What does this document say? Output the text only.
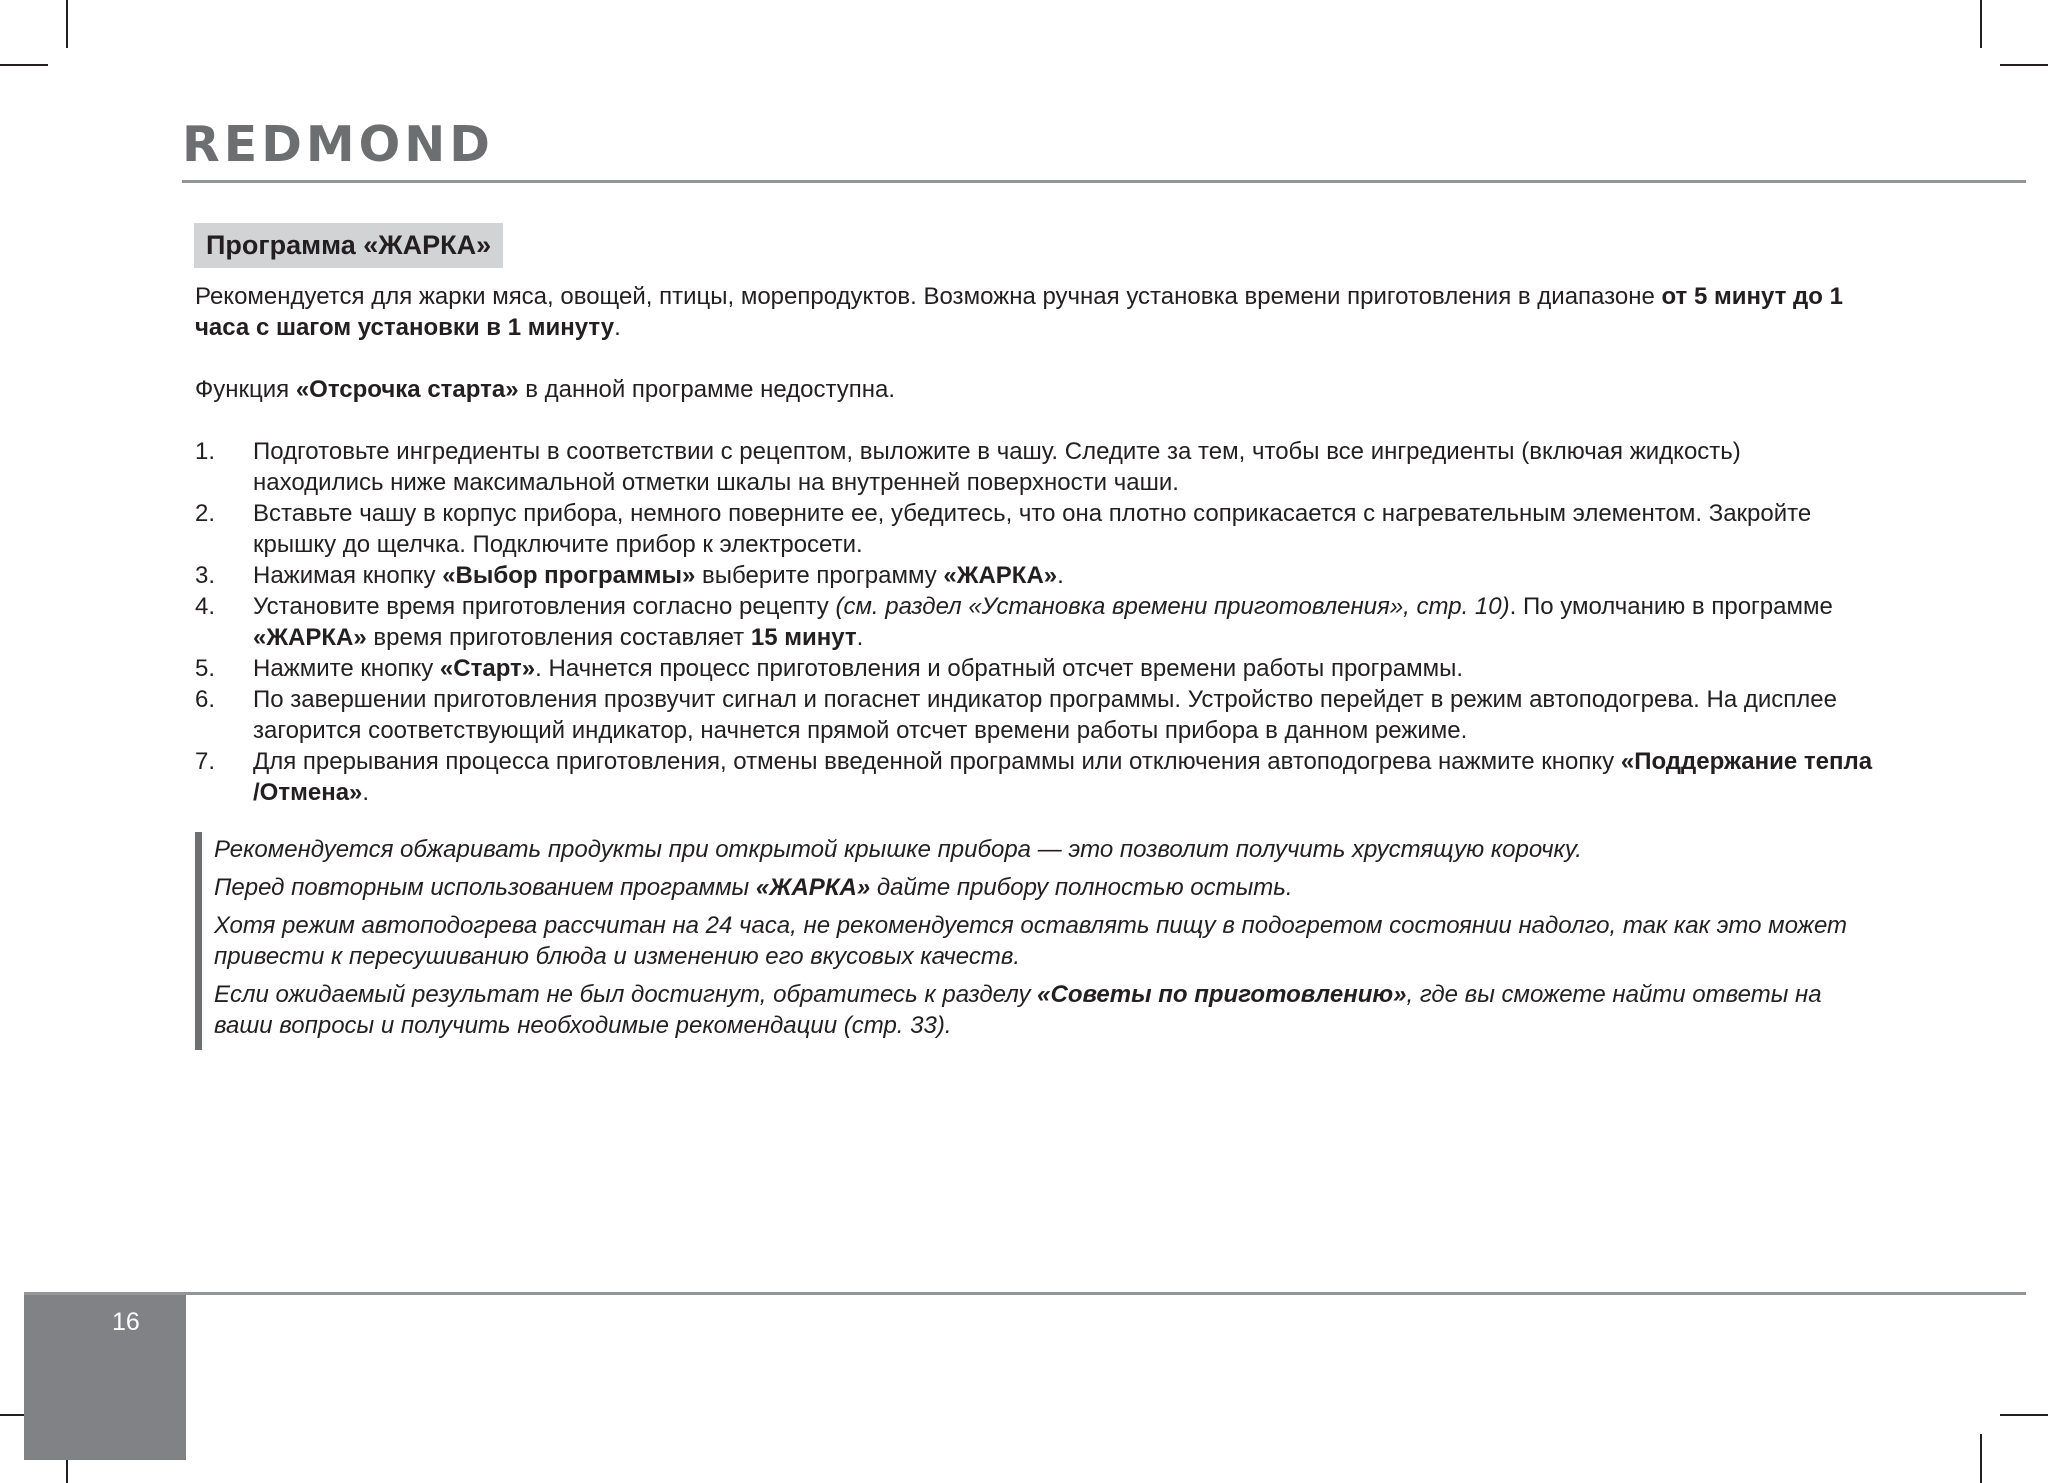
REDMOND
Программа «ЖАРКА»
Рекомендуется для жарки мяса, овощей, птицы, морепродуктов. Возможна ручная установка времени приготовления в диапазоне от 5 минут до 1 часа с шагом установки в 1 минуту.
Функция «Отсрочка старта» в данной программе недоступна.
1.	Подготовьте ингредиенты в соответствии с рецептом, выложите в чашу. Следите за тем, чтобы все ингредиенты (включая жидкость) находились ниже максимальной отметки шкалы на внутренней поверхности чаши.
2.	Вставьте чашу в корпус прибора, немного поверните ее, убедитесь, что она плотно соприкасается с нагревательным элементом. Закройте крышку до щелчка. Подключите прибор к электросети.
3.	Нажимая кнопку «Выбор программы» выберите программу «ЖАРКА».
4.	Установите время приготовления согласно рецепту (см. раздел «Установка времени приготовления», стр. 10). По умолчанию в программе «ЖАРКА» время приготовления составляет 15 минут.
5.	Нажмите кнопку «Старт». Начнется процесс приготовления и обратный отсчет времени работы программы.
6.	По завершении приготовления прозвучит сигнал и погаснет индикатор программы. Устройство перейдет в режим автоподогрева. На дисплее загорится соответствующий индикатор, начнется прямой отсчет времени работы прибора в данном режиме.
7.	Для прерывания процесса приготовления, отмены введенной программы или отключения автоподогрева нажмите кнопку «Поддержание тепла /Отмена».

Рекомендуется обжаривать продукты при открытой крышке прибора — это позволит получить хрустящую корочку.

Перед повторным использованием программы «ЖАРКА» дайте прибору полностью остыть.

Хотя режим автоподогрева рассчитан на 24 часа, не рекомендуется оставлять пищу в подогретом состоянии надолго, так как это может привести к пересушиванию блюда и изменению его вкусовых качеств.

Если ожидаемый результат не был достигнут, обратитесь к разделу «Советы по приготовлению», где вы сможете найти ответы на ваши вопросы и получить необходимые рекомендации (стр. 33).

16
